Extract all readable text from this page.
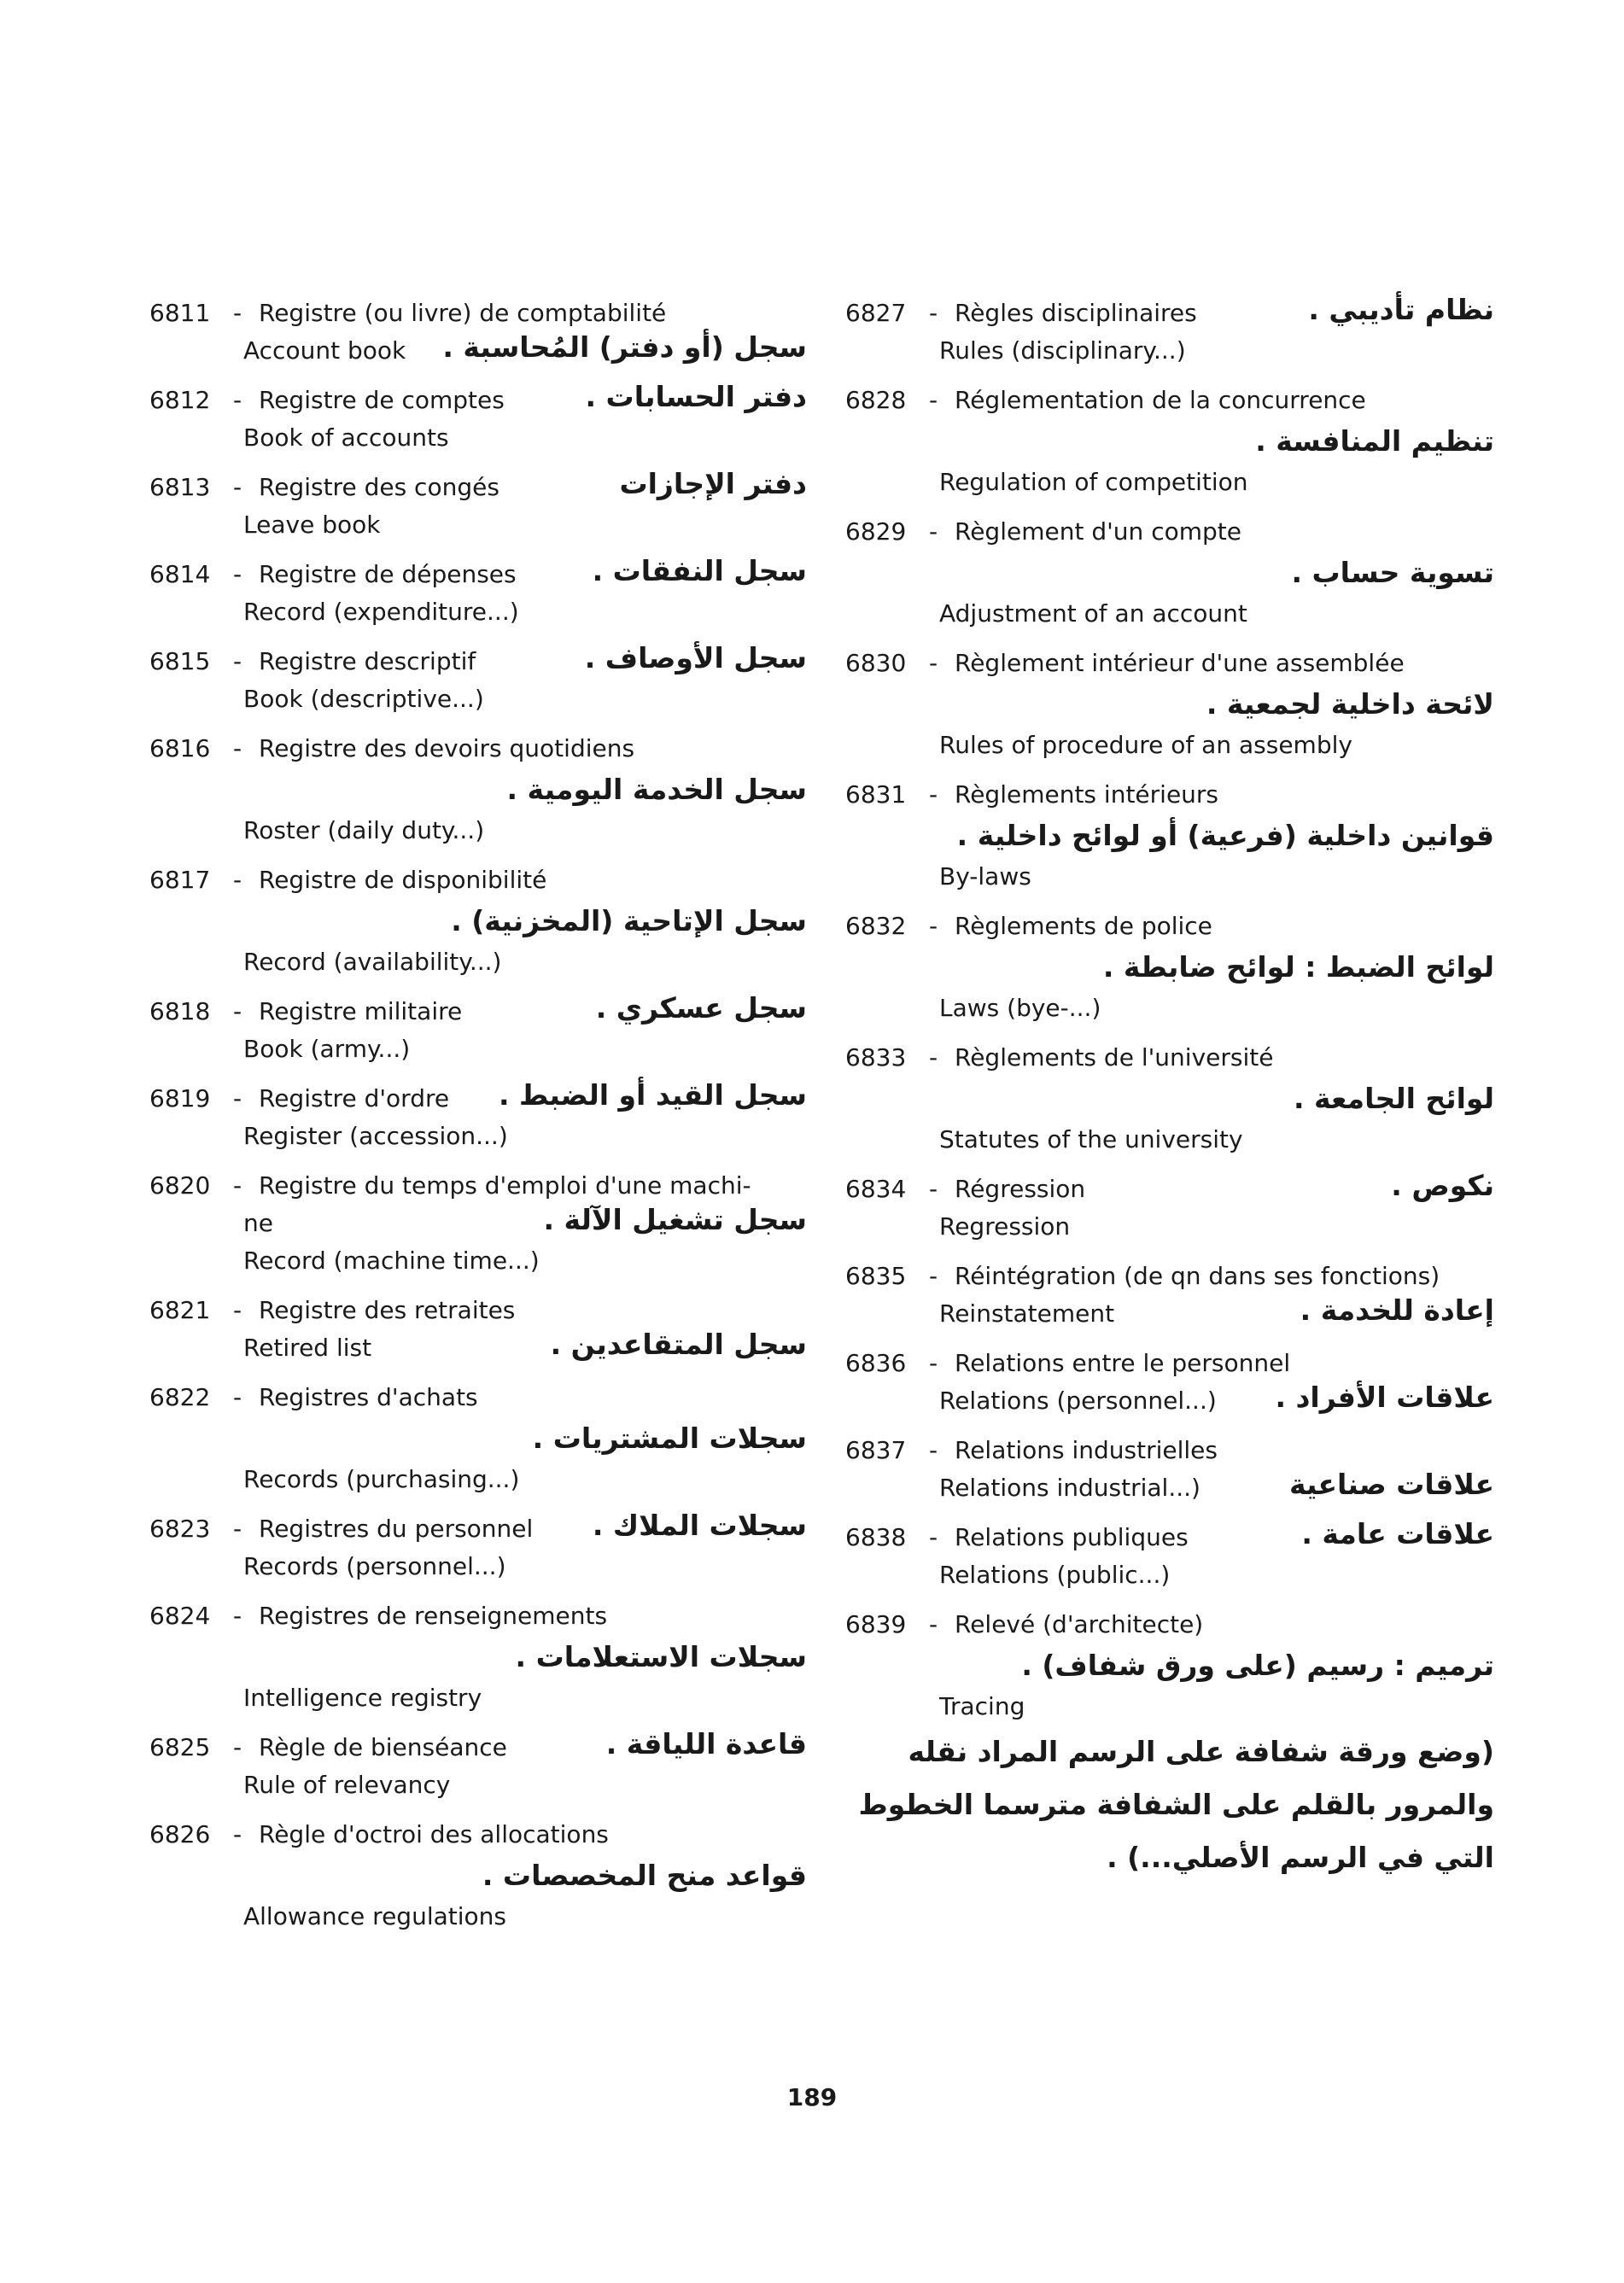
6811 - Registre (ou livre) de comptabilité
سجل (أو دفتر) المُحاسبة .
Account book
6812 - Registre de comptes	دفتر الحسابات .
Book of accounts
6813 - Registre des congés	دفتر الإجازات
Leave book
6814 - Registre de dépenses	سجل النفقات .
Record (expenditure...)
6815 - Registre descriptif	سجل الأوصاف .
Book (descriptive...)
6816 - Registre des devoirs quotidiens
سجل الخدمة اليومية .
Roster (daily duty...)
6817 - Registre de disponibilité
سجل الإتاحية (المخزنية) .
Record (availability...)
6818 - Registre militaire	سجل عسكري .
Book (army...)
6819 - Registre d'ordre سجل القيد أو الضبط .
Register (accession...)
6820 - Registre du temps d'emploi d'une machi-
ne	سجل تشغيل الآلة .
Record (machine time...)
6821 - Registre des retraites
سجل المتقاعدين .
Retired list
6822 - Registres d'achats
سجلات المشتريات .
Records (purchasing...)
6823 - Registres du personnel سجلات الملاك .
Records (personnel...)
6824 - Registres de renseignements
سجلات الاستعلامات .
Intelligence registry
6825 - Règle de bienséance	قاعدة اللياقة .
Rule of relevancy
6826 - Règle d'octroi des allocations
قواعد منح المخصصات .
Allowance regulations
6827 - Règles disciplinaires	نظام تأديبي .
Rules (disciplinary...)
6828 - Réglementation de la concurrence
تنظيم المنافسة .
Regulation of competition
6829 - Règlement d'un compte
تسوية حساب .
Adjustment of an account
6830 - Règlement intérieur d'une assemblée
لائحة داخلية لجمعية .
Rules of procedure of an assembly
6831 - Règlements intérieurs
قوانين داخلية (فرعية) أو لوائح داخلية .
By-laws
6832 - Règlements de police
لوائح الضبط : لوائح ضابطة .
Laws (bye-...)
6833 - Règlements de l'université
لوائح الجامعة .
Statutes of the university
6834 - Régression	نكوص .
Regression
6835 - Réintégration (de qn dans ses fonctions)
إعادة للخدمة .
Reinstatement
6836 - Relations entre le personnel
علاقات الأفراد .
Relations (personnel...)
6837 - Relations industrielles
علاقات صناعية
Relations industrial...)
6838 - Relations publiques	علاقات عامة .
Relations (public...)
6839 - Relevé (d'architecte)
ترميم : رسيم (على ورق شفاف) .
Tracing
(وضع ورقة شفافة على الرسم المراد نقله والمرور بالقلم على الشفافة مترسما الخطوط التي في الرسم الأصلي...) .
189
